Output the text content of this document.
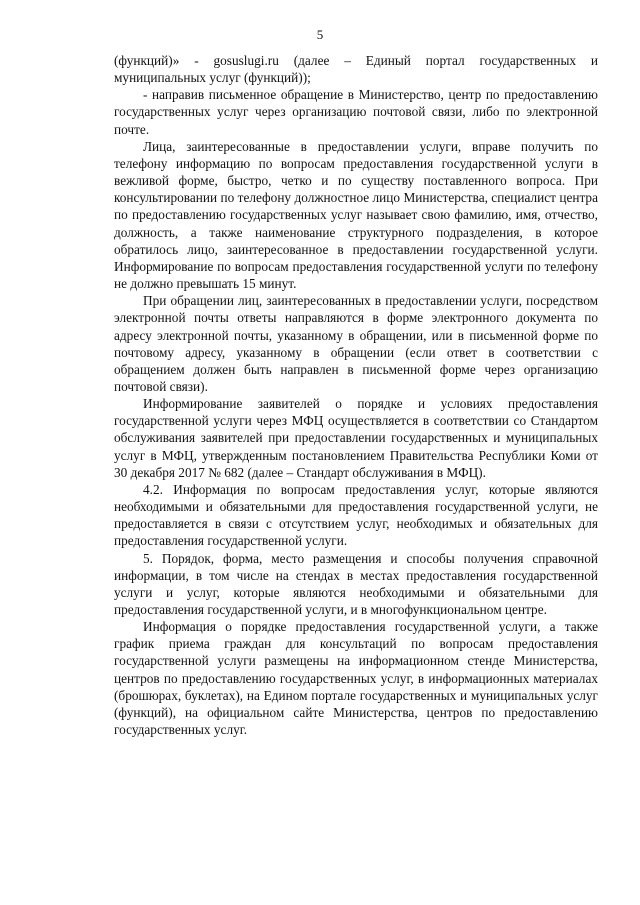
5

(функций)» - gosuslugi.ru (далее – Единый портал государственных и муниципальных услуг (функций));

- направив письменное обращение в Министерство, центр по предоставлению государственных услуг через организацию почтовой связи, либо по электронной почте.

Лица, заинтересованные в предоставлении услуги, вправе получить по телефону информацию по вопросам предоставления государственной услуги в вежливой форме, быстро, четко и по существу поставленного вопроса. При консультировании по телефону должностное лицо Министерства, специалист центра по предоставлению государственных услуг называет свою фамилию, имя, отчество, должность, а также наименование структурного подразделения, в которое обратилось лицо, заинтересованное в предоставлении государственной услуги. Информирование по вопросам предоставления государственной услуги по телефону не должно превышать 15 минут.

При обращении лиц, заинтересованных в предоставлении услуги, посредством электронной почты ответы направляются в форме электронного документа по адресу электронной почты, указанному в обращении, или в письменной форме по почтовому адресу, указанному в обращении (если ответ в соответствии с обращением должен быть направлен в письменной форме через организацию почтовой связи).

Информирование заявителей о порядке и условиях предоставления государственной услуги через МФЦ осуществляется в соответствии со Стандартом обслуживания заявителей при предоставлении государственных и муниципальных услуг в МФЦ, утвержденным постановлением Правительства Республики Коми от 30 декабря 2017 № 682 (далее – Стандарт обслуживания в МФЦ).

4.2. Информация по вопросам предоставления услуг, которые являются необходимыми и обязательными для предоставления государственной услуги, не предоставляется в связи с отсутствием услуг, необходимых и обязательных для предоставления государственной услуги.

5. Порядок, форма, место размещения и способы получения справочной информации, в том числе на стендах в местах предоставления государственной услуги и услуг, которые являются необходимыми и обязательными для предоставления государственной услуги, и в многофункциональном центре.

Информация о порядке предоставления государственной услуги, а также график приема граждан для консультаций по вопросам предоставления государственной услуги размещены на информационном стенде Министерства, центров по предоставлению государственных услуг, в информационных материалах (брошюрах, буклетах), на Едином портале государственных и муниципальных услуг (функций), на официальном сайте Министерства, центров по предоставлению государственных услуг.
